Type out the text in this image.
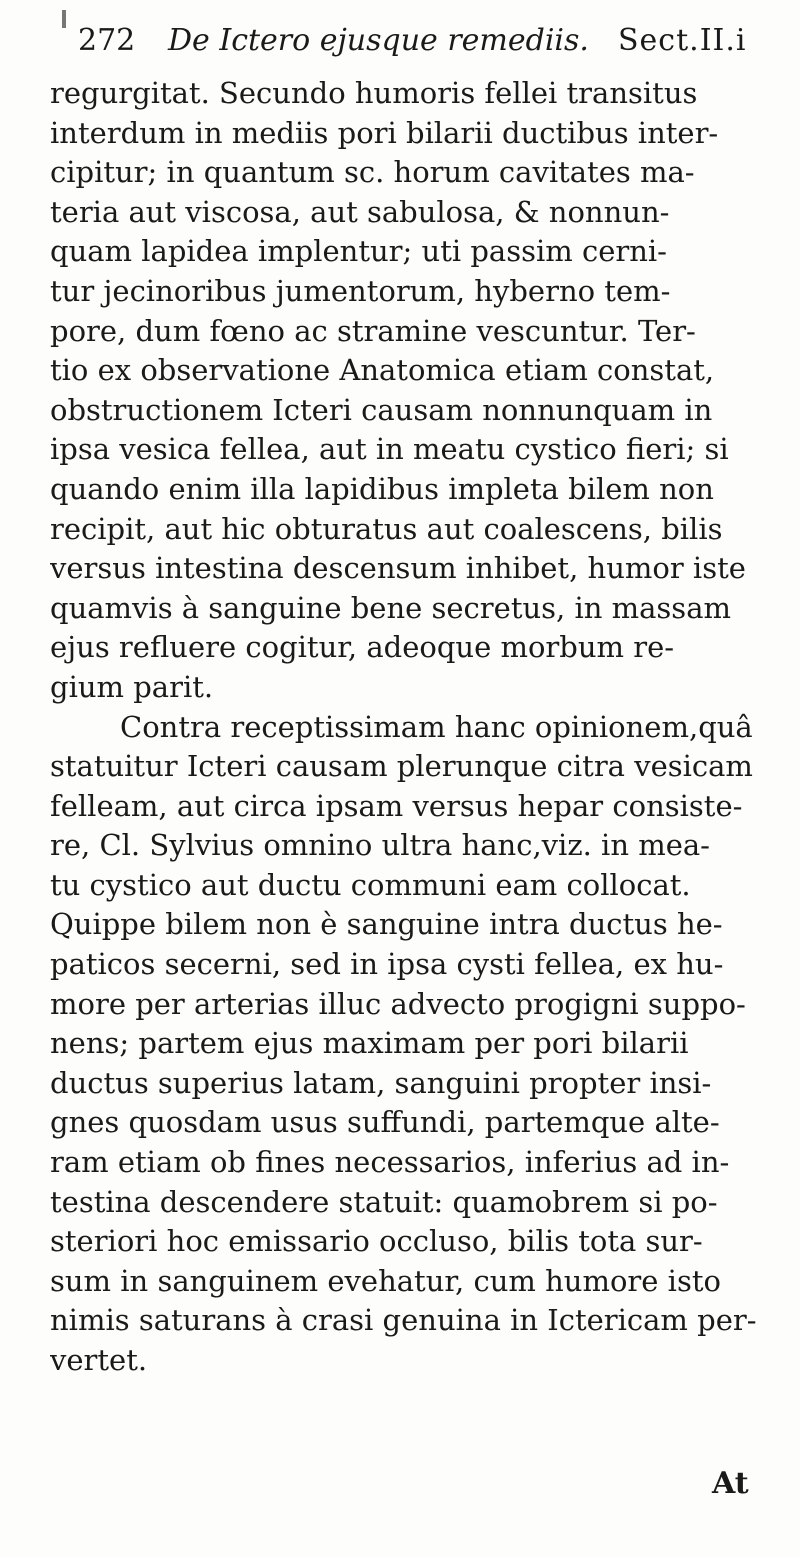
272 De Ictero ejusque remediis. Sect.II.i
regurgitat. Secundo humoris fellei transitus
interdum in mediis pori bilarii ductibus inter-
cipitur; in quantum sc. horum cavitates ma-
teria aut viscosa, aut sabulosa, & nonnun-
quam lapidea implentur; uti passim cerni-
tur jecinoribus jumentorum, hyberno tem-
pore, dum fœno ac stramine vescuntur. Ter-
tio ex observatione Anatomica etiam constat,
obstructionem Icteri causam nonnunquam in
ipsa vesica fellea, aut in meatu cystico fieri; si
quando enim illa lapidibus impleta bilem non
recipit, aut hic obturatus aut coalescens, bilis
versus intestina descensum inhibet, humor iste
quamvis à sanguine bene secretus, in massam
ejus refluere cogitur, adeoque morbum re-
gium parit.
Contra receptissimam hanc opinionem,quâ
statuitur Icteri causam plerunque citra vesicam
felleam, aut circa ipsam versus hepar consiste-
re, Cl. Sylvius omnino ultra hanc,viz. in mea-
tu cystico aut ductu communi eam collocat.
Quippe bilem non è sanguine intra ductus he-
paticos secerni, sed in ipsa cysti fellea, ex hu-
more per arterias illuc advecto progigni suppo-
nens; partem ejus maximam per pori bilarii
ductus superius latam, sanguini propter insi-
gnes quosdam usus suffundi, partemque alte-
ram etiam ob fines necessarios, inferius ad in-
testina descendere statuit: quamobrem si po-
steriori hoc emissario occluso, bilis tota sur-
sum in sanguinem evehatur, cum humore isto
nimis saturans à crasi genuina in Ictericam per-
vertet.
At
